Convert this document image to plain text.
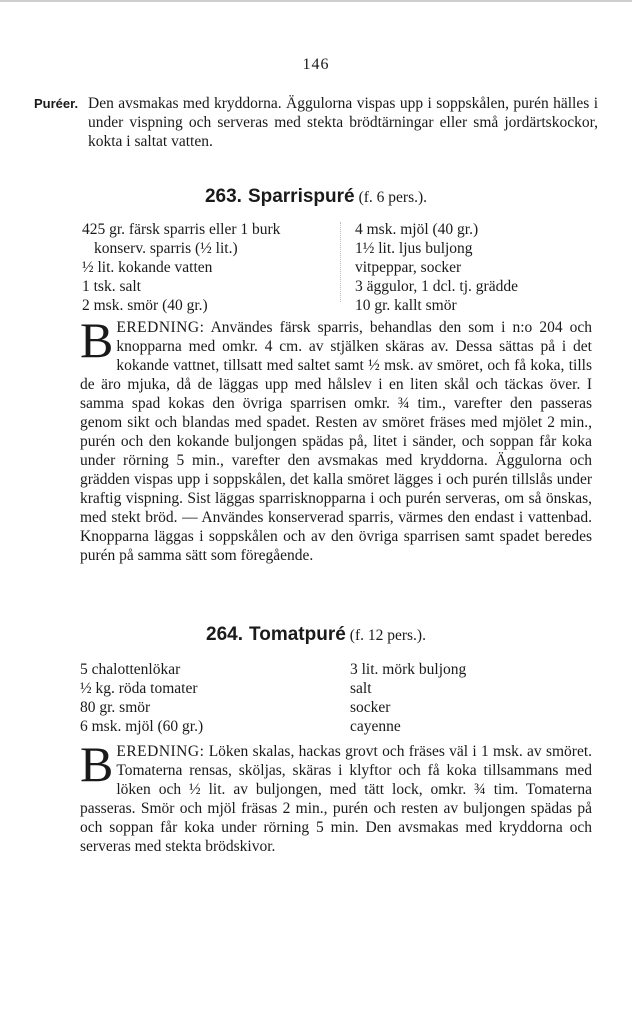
146
Puréer. Den avsmakas med kryddorna. Äggulorna vispas upp i soppskålen, purén hälles i under vispning och serveras med stekta brödtärningar eller små jordärtskockor, kokta i saltat vatten.

263. Sparrispuré (f. 6 pers.).
425 gr. färsk sparris eller 1 burk
konserv. sparris (½ lit.)
½ lit. kokande vatten
1 tsk. salt
2 msk. smör (40 gr.)
4 msk. mjöl (40 gr.)
1½ lit. ljus buljong
vitpeppar, socker
3 äggulor, 1 dcl. tj. grädde
10 gr. kallt smör

BEREDNING: Användes färsk sparris, behandlas den som i n:o 204 och knopparna med omkr. 4 cm. av stjälken skäras av. Dessa sättas på i det kokande vattnet, tillsatt med saltet samt ½ msk. av smöret, och få koka, tills de äro mjuka, då de läggas upp med hålslev i en liten skål och täckas över. I samma spad kokas den övriga sparrisen omkr. ¾ tim., varefter den passeras genom sikt och blandas med spadet. Resten av smöret fräses med mjölet 2 min., purén och den kokande buljongen spädas på, litet i sänder, och soppan får koka under rörning 5 min., varefter den avsmakas med kryddorna. Äggulorna och grädden vispas upp i soppskålen, det kalla smöret lägges i och purén tillslås under kraftig vispning. Sist läggas sparrisknopparna i och purén serveras, om så önskas, med stekt bröd. — Användes konserverad sparris, värmes den endast i vattenbad. Knopparna läggas i soppskålen och av den övriga sparrisen samt spadet beredes purén på samma sätt som föregående.

264. Tomatpuré (f. 12 pers.).
5 chalottenlökar
½ kg. röda tomater
80 gr. smör
6 msk. mjöl (60 gr.)
3 lit. mörk buljong
salt
socker
cayenne

BEREDNING: Löken skalas, hackas grovt och fräses väl i 1 msk. av smöret. Tomaterna rensas, sköljas, skäras i klyftor och få koka tillsammans med löken och ½ lit. av buljongen, med tätt lock, omkr. ¾ tim. Tomaterna passeras. Smör och mjöl fräsas 2 min., purén och resten av buljongen spädas på och soppan får koka under rörning 5 min. Den avsmakas med kryddorna och serveras med stekta brödskivor.
